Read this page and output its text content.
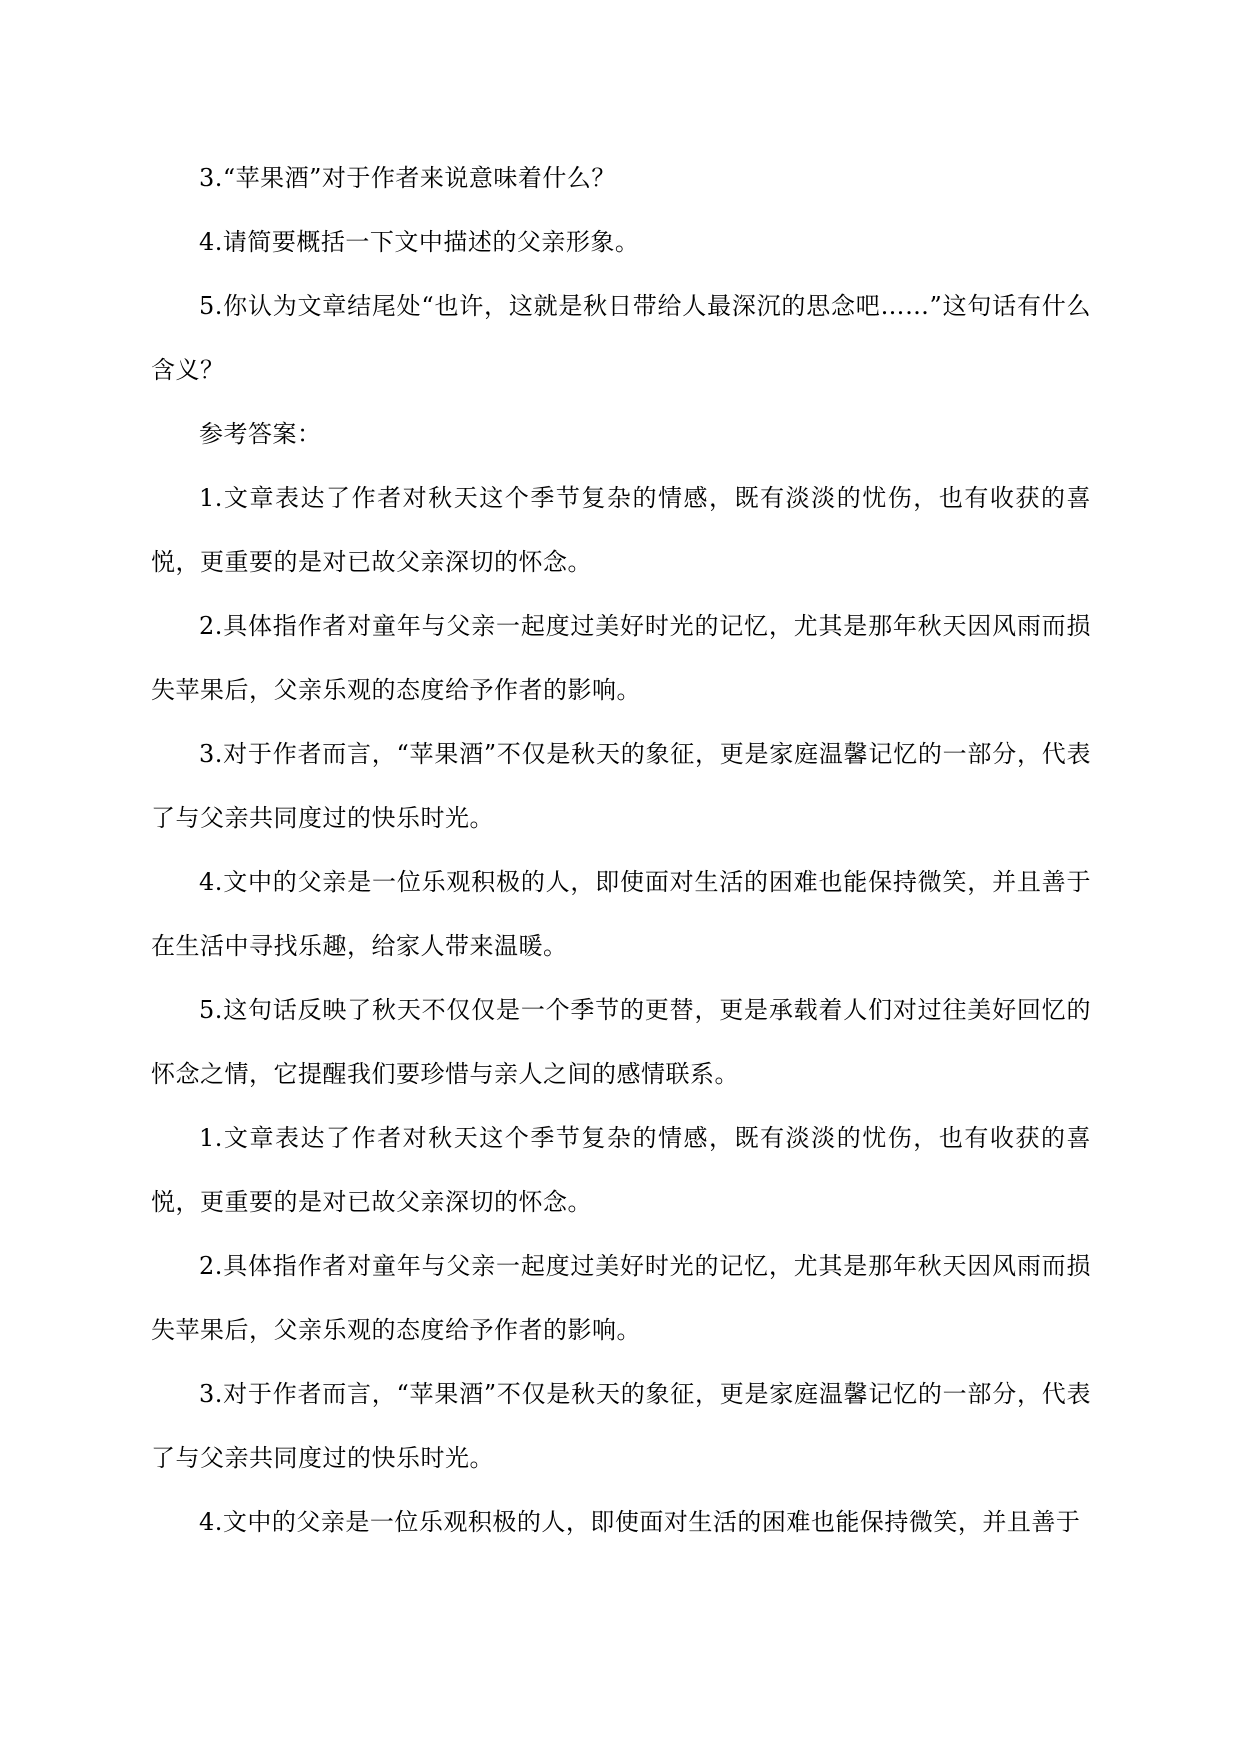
3.“苹果酒”对于作者来说意味着什么？

4.请简要概括一下文中描述的父亲形象。

5.你认为文章结尾处“也许，这就是秋日带给人最深沉的思念吧……”这句话有什么含义？

参考答案：

1.文章表达了作者对秋天这个季节复杂的情感，既有淡淡的忧伤，也有收获的喜悦，更重要的是对已故父亲深切的怀念。

2.具体指作者对童年与父亲一起度过美好时光的记忆，尤其是那年秋天因风雨而损失苹果后，父亲乐观的态度给予作者的影响。

3.对于作者而言，“苹果酒”不仅是秋天的象征，更是家庭温馨记忆的一部分，代表了与父亲共同度过的快乐时光。

4.文中的父亲是一位乐观积极的人，即使面对生活的困难也能保持微笑，并且善于在生活中寻找乐趣，给家人带来温暖。

5.这句话反映了秋天不仅仅是一个季节的更替，更是承载着人们对过往美好回忆的怀念之情，它提醒我们要珍惜与亲人之间的感情联系。

1.文章表达了作者对秋天这个季节复杂的情感，既有淡淡的忧伤，也有收获的喜悦，更重要的是对已故父亲深切的怀念。

2.具体指作者对童年与父亲一起度过美好时光的记忆，尤其是那年秋天因风雨而损失苹果后，父亲乐观的态度给予作者的影响。

3.对于作者而言，“苹果酒”不仅是秋天的象征，更是家庭温馨记忆的一部分，代表了与父亲共同度过的快乐时光。

4.文中的父亲是一位乐观积极的人，即使面对生活的困难也能保持微笑，并且善于
